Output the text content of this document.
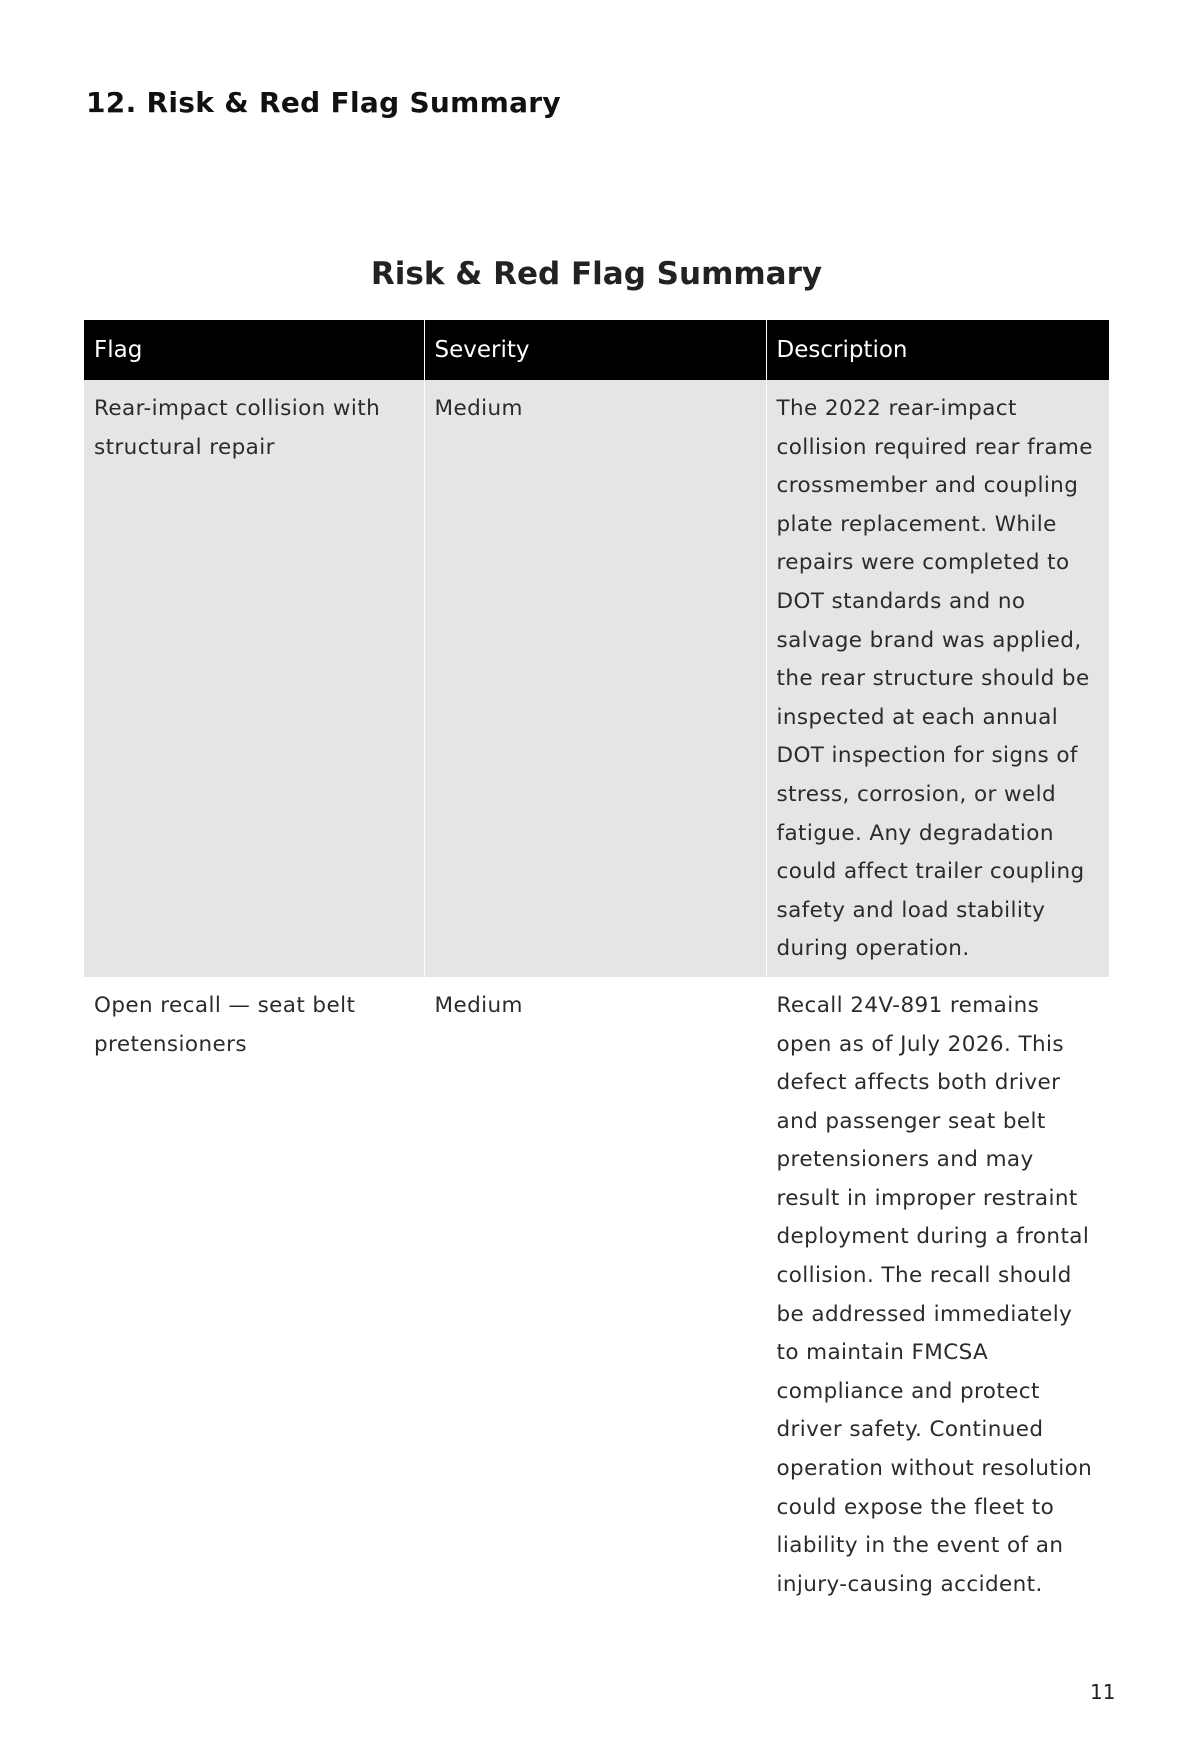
12. Risk & Red Flag Summary
Risk & Red Flag Summary
Flag	Severity	Description
Rear-impact collision with structural repair	Medium	The 2022 rear-impact collision required rear frame crossmember and coupling plate replacement. While repairs were completed to DOT standards and no salvage brand was applied, the rear structure should be inspected at each annual DOT inspection for signs of stress, corrosion, or weld fatigue. Any degradation could affect trailer coupling safety and load stability during operation.
Open recall — seat belt pretensioners	Medium	Recall 24V-891 remains open as of July 2026. This defect affects both driver and passenger seat belt pretensioners and may result in improper restraint deployment during a frontal collision. The recall should be addressed immediately to maintain FMCSA compliance and protect driver safety. Continued operation without resolution could expose the fleet to liability in the event of an injury-causing accident.
11
